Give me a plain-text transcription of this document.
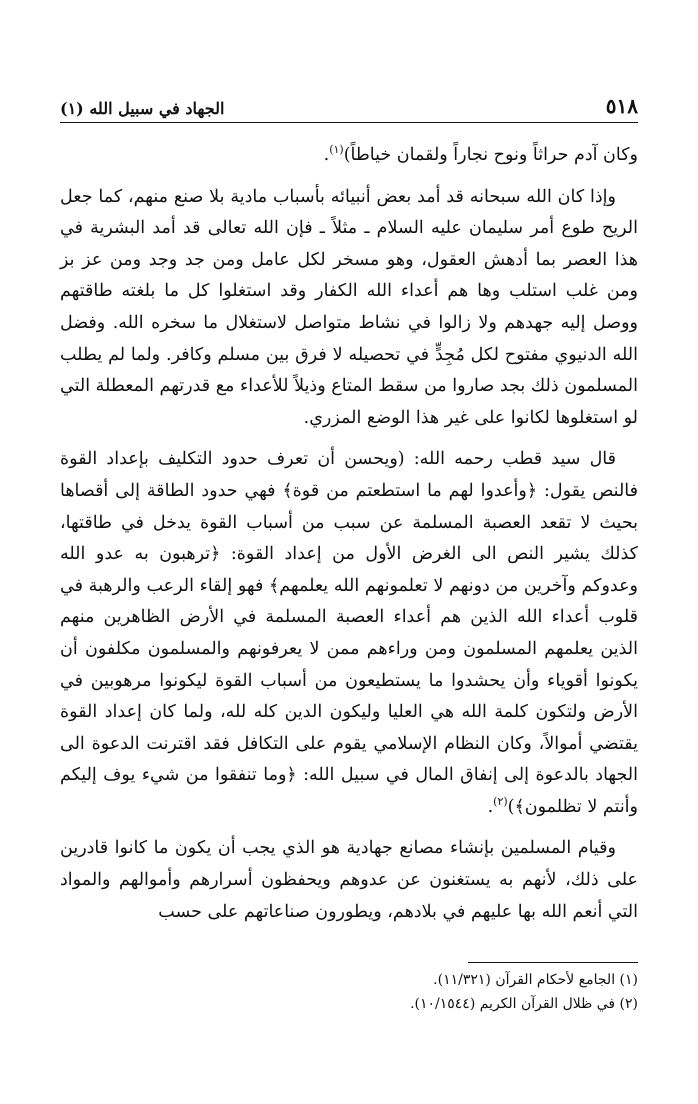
٥١٨
الجهاد في سبيل الله (١)

وكان آدم حراثاً ونوح نجاراً ولقمان خياطاً)$^{(١)}$.

وإذا كان الله سبحانه قد أمد بعض أنبيائه بأسباب مادية بلا صنع منهم، كما جعل الريح طوع أمر سليمان عليه السلام ـ مثلاً ـ فإن الله تعالى قد أمد البشرية في هذا العصر بما أدهش العقول، وهو مسخر لكل عامل ومن جد وجد ومن عز بز ومن غلب استلب وها هم أعداء الله الكفار وقد استغلوا كل ما بلغته طاقتهم ووصل إليه جهدهم ولا زالوا في نشاط متواصل لاستغلال ما سخره الله. وفضل الله الدنيوي مفتوح لكل مُجِدٍّ في تحصيله لا فرق بين مسلم وكافر. ولما لم يطلب المسلمون ذلك بجد صاروا من سقط المتاع وذيلاً للأعداء مع قدرتهم المعطلة التي لو استغلوها لكانوا على غير هذا الوضع المزري.

قال سيد قطب رحمه الله: (ويحسن أن تعرف حدود التكليف بإعداد القوة فالنص يقول: ﴿وأعدوا لهم ما استطعتم من قوة﴾ فهي حدود الطاقة إلى أقصاها بحيث لا تقعد العصبة المسلمة عن سبب من أسباب القوة يدخل في طاقتها، كذلك يشير النص الى الغرض الأول من إعداد القوة: ﴿ترهبون به عدو الله وعدوكم وآخرين من دونهم لا تعلمونهم الله يعلمهم﴾ فهو إلقاء الرعب والرهبة في قلوب أعداء الله الذين هم أعداء العصبة المسلمة في الأرض الظاهرين منهم الذين يعلمهم المسلمون ومن وراءهم ممن لا يعرفونهم والمسلمون مكلفون أن يكونوا أقوياء وأن يحشدوا ما يستطيعون من أسباب القوة ليكونوا مرهوبين في الأرض ولتكون كلمة الله هي العليا وليكون الدين كله لله، ولما كان إعداد القوة يقتضي أموالاً، وكان النظام الإسلامي يقوم على التكافل فقد اقترنت الدعوة الى الجهاد بالدعوة إلى إنفاق المال في سبيل الله: ﴿وما تنفقوا من شيء يوف إليكم وأنتم لا تظلمون﴾)$^{(٢)}$.

وقيام المسلمين بإنشاء مصانع جهادية هو الذي يجب أن يكون ما كانوا قادرين على ذلك، لأنهم به يستغنون عن عدوهم ويحفظون أسرارهم وأموالهم والمواد التي أنعم الله بها عليهم في بلادهم، ويطورون صناعاتهم على حسب

(١) الجامع لأحكام القرآن (١١/٣٢١).

(٢) في ظلال القرآن الكريم (١٠/١٥٤٤).
